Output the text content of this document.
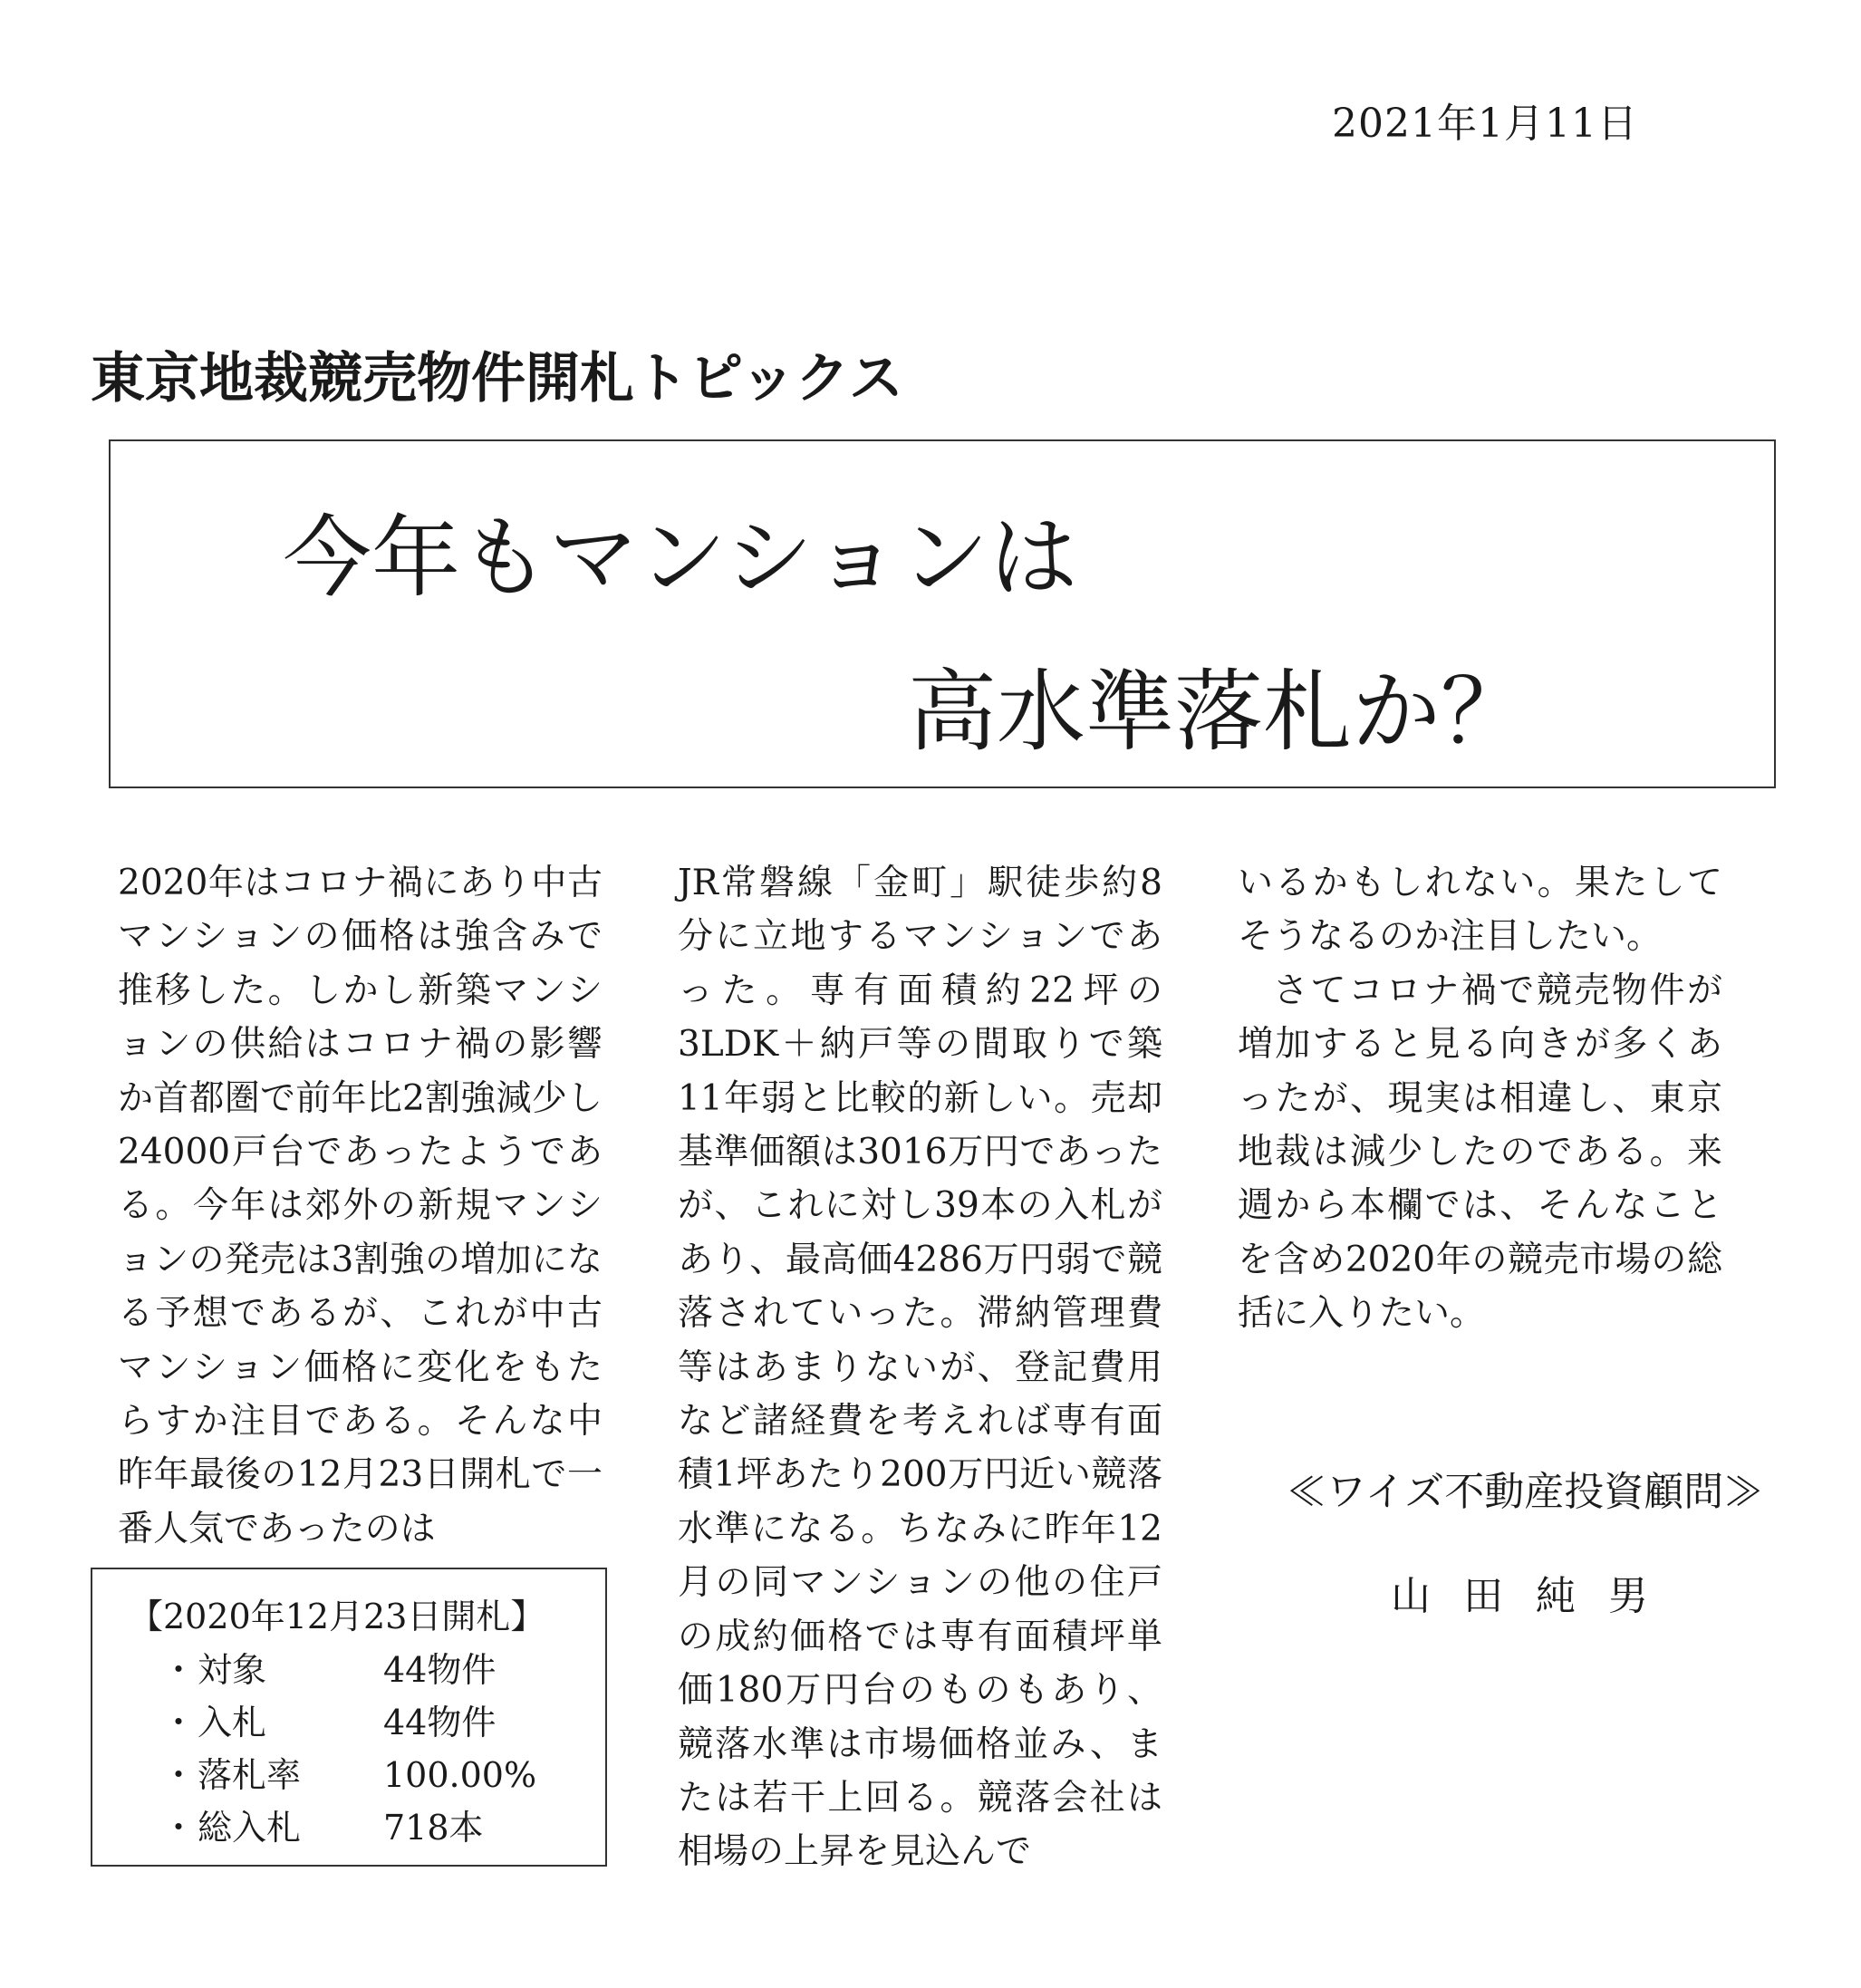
2021年1月11日
東京地裁競売物件開札トピックス
今年もマンションは
高水準落札か？

2020年はコロナ禍にあり中古マンションの価格は強含みで推移した。しかし新築マンションの供給はコロナ禍の影響か首都圏で前年比2割強減少し24000戸台であったようである。今年は郊外の新規マンションの発売は3割強の増加になる予想であるが、これが中古マンション価格に変化をもたらすか注目である。そんな中昨年最後の12月23日開札で一番人気であったのは

JR常磐線「金町」駅徒歩約8分に立地するマンションであった。専有面積約22坪の3LDK＋納戸等の間取りで築11年弱と比較的新しい。売却基準価額は3016万円であったが、これに対し39本の入札があり、最高価4286万円弱で競落されていった。滞納管理費等はあまりないが、登記費用など諸経費を考えれば専有面積1坪あたり200万円近い競落水準になる。ちなみに昨年12月の同マンションの他の住戸の成約価格では専有面積坪単価180万円台のものもあり、競落水準は市場価格並み、または若干上回る。競落会社は相場の上昇を見込んで

いるかもしれない。果たしてそうなるのか注目したい。

さてコロナ禍で競売物件が増加すると見る向きが多くあったが、現実は相違し、東京地裁は減少したのである。来週から本欄では、そんなことを含め2020年の競売市場の総括に入りたい。

【2020年12月23日開札】
・ 対象	44物件
・ 入札	44物件
・ 落札率	100.00%
・ 総入札	718本
≪ワイズ不動産投資顧問≫
山田純男
